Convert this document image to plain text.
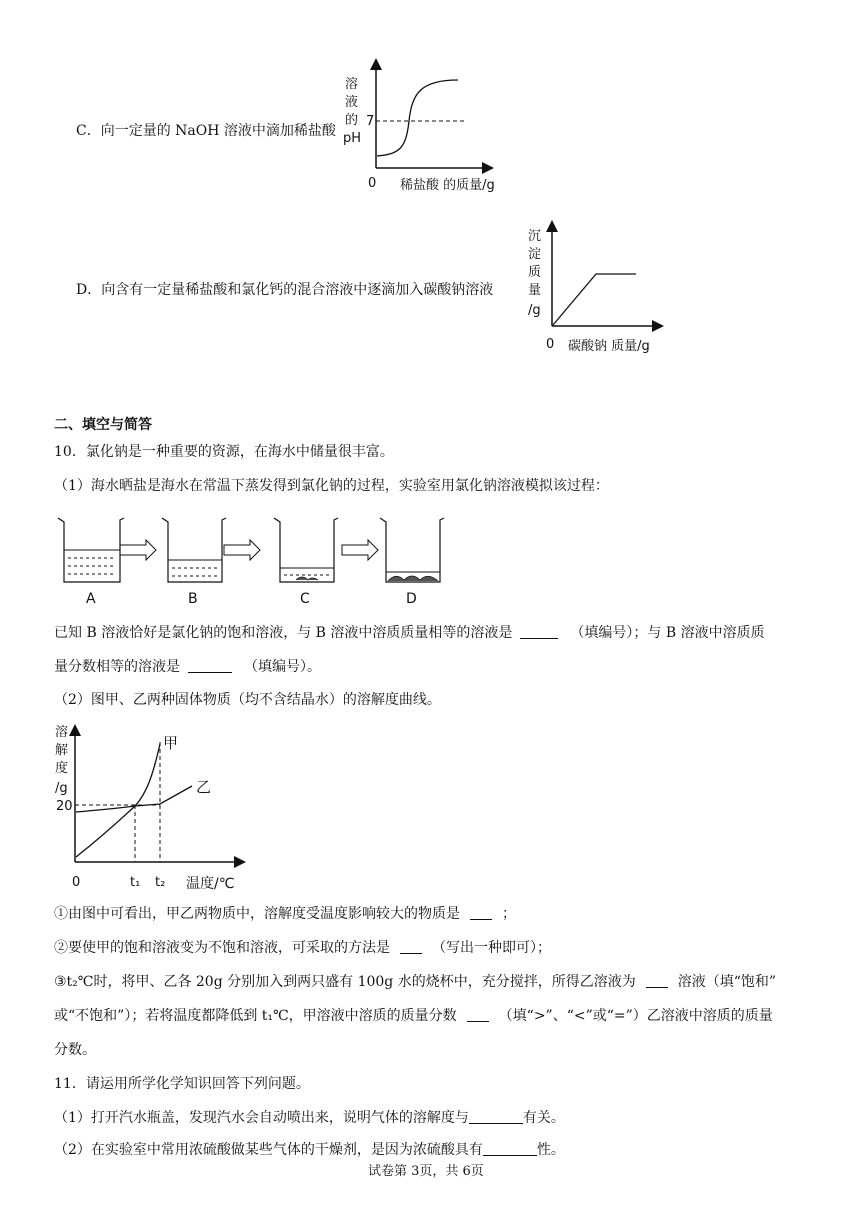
C．向一定量的 NaOH 溶液中滴加稀盐酸
溶
液
的
pH
7
0 稀盐酸 的质量/g
D．向含有一定量稀盐酸和氯化钙的混合溶液中逐滴加入碳酸钠溶液
沉
淀
质
量
/g
0 碳酸钠 质量/g
二、填空与简答
10．氯化钠是一种重要的资源，在海水中储量很丰富。
（1）海水晒盐是海水在常温下蒸发得到氯化钠的过程，实验室用氯化钠溶液模拟该过程：
A	B	C	D
已知 B 溶液恰好是氯化钠的饱和溶液，与 B 溶液中溶质质量相等的溶液是	（填编号）；与 B 溶液中溶质质
量分数相等的溶液是	（填编号）。
（2）图甲、乙两种固体物质（均不含结晶水）的溶解度曲线。
溶
解
度
/g
20
甲
乙
0	t₁ t₂ 温度/℃
①由图中可看出，甲乙两物质中，溶解度受温度影响较大的物质是	；
②要使甲的饱和溶液变为不饱和溶液，可采取的方法是	（写出一种即可）；
③t₂℃时，将甲、乙各 20g 分别加入到两只盛有 100g 水的烧杯中，充分搅拌，所得乙溶液为	溶液（填“饱和”
或“不饱和”）；若将温度都降低到 t₁℃，甲溶液中溶质的质量分数	（填“>”、“<”或“=”）乙溶液中溶质的质量
分数。
11．请运用所学化学知识回答下列问题。
（1）打开汽水瓶盖，发现汽水会自动喷出来，说明气体的溶解度与	有关。
（2）在实验室中常用浓硫酸做某些气体的干燥剂，是因为浓硫酸具有	性。
试卷第 3页，共 6页
